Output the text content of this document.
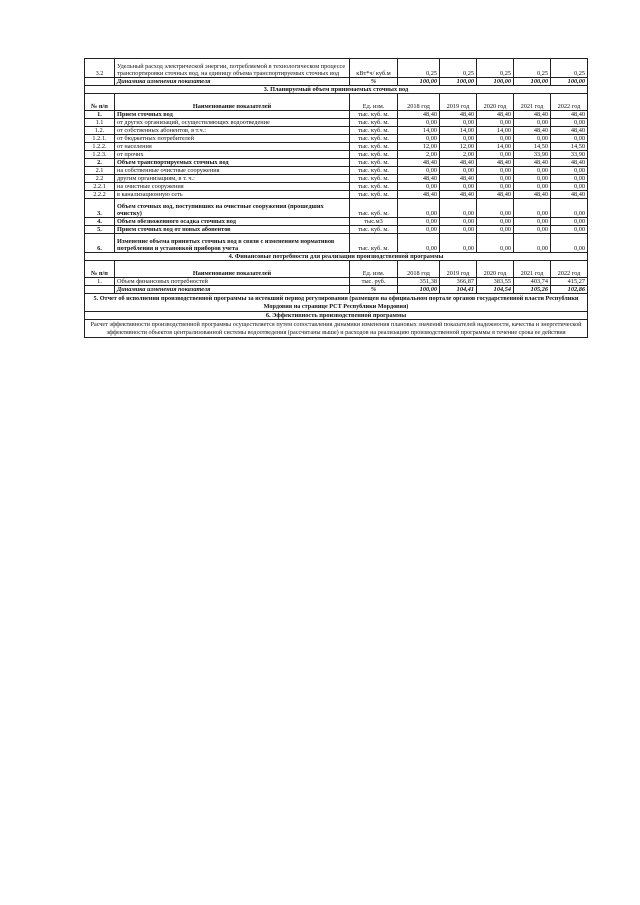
3.2	Удельный расход электрической энергии, потребляемой в технологическом процессе транспортировки сточных вод, на единицу объема транспортируемых сточных вод	кВт*ч/ куб.м	0,25	0,25	0,25	0,25	0,25
	Динамика изменения показателя	%	100,00	100,00	100,00	100,00	100,00
3. Планируемый объем принимаемых сточных вод							
№ п/п	Наименование показателей	Ед. изм.	2018 год	2019 год	2020 год	2021 год	2022 год
1.	Прием сточных вод	тыс. куб. м.	48,40	48,40	48,40	48,40	48,40
1.1	от других организаций, осуществляющих водоотведение	тыс. куб. м.	0,00	0,00	0,00	0,00	0,00
1.2.	от собственных абонентов, в т.ч.:	тыс. куб. м.	14,00	14,00	14,00	48,40	48,40
1.2.1.	от бюджетных потребителей	тыс. куб. м.	0,00	0,00	0,00	0,00	0,00
1.2.2.	от населения	тыс. куб. м.	12,00	12,00	14,00	14,50	14,50
1.2.3.	от прочих	тыс. куб. м.	2,00	2,00	0,00	33,90	33,90
2.	Объем транспортируемых сточных вод	тыс. куб. м.	48,40	48,40	48,40	48,40	48,40
2.1	на собственные очистные сооружения	тыс. куб. м.	0,00	0,00	0,00	0,00	0,00
2.2	другим организациям, в т. ч.:	тыс. куб. м.	48,40	48,40	0,00	0,00	0,00
2.2.1	на очистные сооружения	тыс. куб. м.	0,00	0,00	0,00	0,00	0,00
2.2.2	в канализационную сеть	тыс. куб. м.	48,40	48,40	48,40	48,40	48,40
3.	Объем сточных вод, поступивших на очистные сооружения (прошедших очистку)	тыс. куб. м.	0,00	0,00	0,00	0,00	0,00
4.	Объем обезвоженного осадка сточных вод	тыс.м3	0,00	0,00	0,00	0,00	0,00
5.	Прием сточных вод от новых абонентов	тыс. куб. м.	0,00	0,00	0,00	0,00	0,00
6.	Изменение объема принятых сточных вод в связи с изменением нормативов потребления и установкой приборов учета	тыс. куб. м.	0,00	0,00	0,00	0,00	0,00
4. Финансовые потребности для реализации производственной программы							
№ п/п	Наименование показателей	Ед. изм.	2018 год	2019 год	2020 год	2021 год	2022 год
1.	Объем финансовых потребностей	тыс. руб.	351,38	366,87	383,55	403,74	415,27
	Динамика изменения показателя	%	100,00	104,41	104,54	105,26	102,86
5. Отчет об исполнении производственной программы за истекший период регулирования (размещен на официальном портале органов государственной власти Республики Мордовия на странице РСТ Республики Мордовия)							
6. Эффективность производственной программы							
Расчет эффективности производственной программы осуществляется путем сопоставления динамики изменения плановых значений показателей надежности, качества и энергетической эффективности объектов централизованной системы водоотведения (рассчитаны выше) и расходов на реализацию производственной программы в течение срока ее действия							
